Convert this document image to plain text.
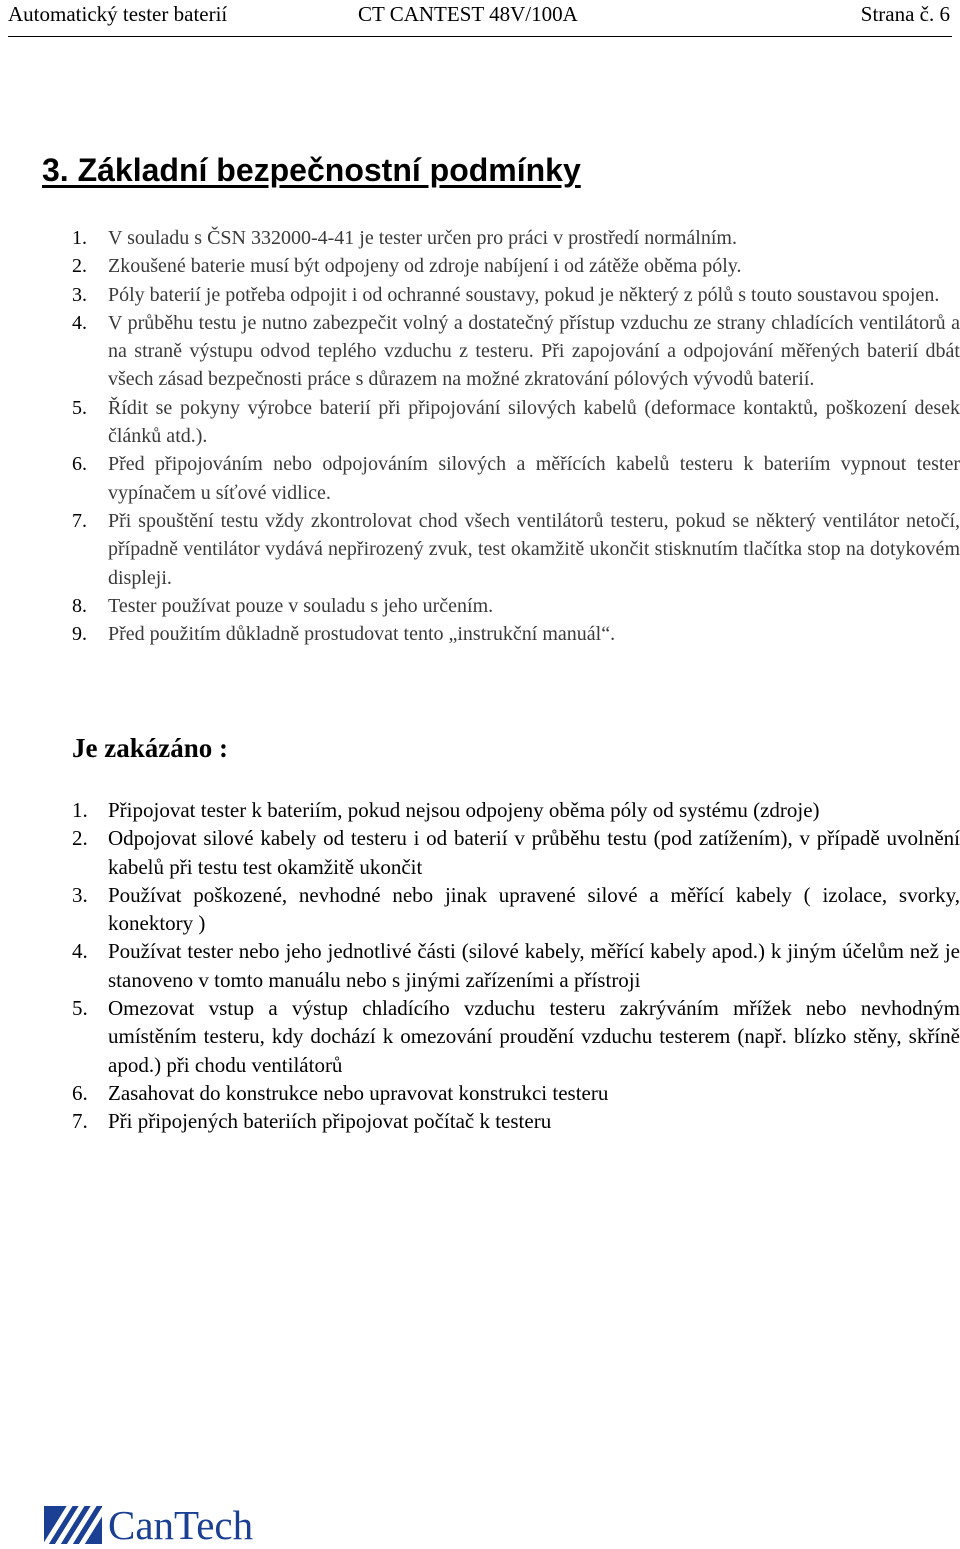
Automatický tester baterií	CT CANTEST 48V/100A	Strana č. 6
3. Základní bezpečnostní podmínky
1. V souladu s ČSN 332000-4-41 je tester určen pro práci v prostředí normálním.
2. Zkoušené baterie musí být odpojeny od zdroje nabíjení i od zátěže oběma póly.
3. Póly baterií je potřeba odpojit i od ochranné soustavy, pokud je některý z pólů s touto soustavou spojen.
4. V průběhu testu je nutno zabezpečit volný a dostatečný přístup vzduchu ze strany chladících ventilátorů a na straně výstupu odvod teplého vzduchu z testeru. Při zapojování a odpojování měřených baterií dbát všech zásad bezpečnosti práce s důrazem na možné zkratování pólových vývodů baterií.
5. Řídit se pokyny výrobce baterií při připojování silových kabelů (deformace kontaktů, poškození desek článků atd.).
6. Před připojováním nebo odpojováním silových a měřících kabelů testeru k bateriím vypnout tester vypínačem u síťové vidlice.
7. Při spouštění testu vždy zkontrolovat chod všech ventilátorů testeru, pokud se některý ventilátor netočí, případně ventilátor vydává nepřirozený zvuk, test okamžitě ukončit stisknutím tlačítka stop na dotykovém displeji.
8. Tester používat pouze v souladu s jeho určením.
9. Před použitím důkladně prostudovat tento „instrukční manuál“.
Je zakázáno :
1. Připojovat tester k bateriím, pokud nejsou odpojeny oběma póly od systému (zdroje)
2. Odpojovat silové kabely od testeru i od baterií v průběhu testu (pod zatížením), v případě uvolnění kabelů při testu test okamžitě ukončit
3. Používat poškozené, nevhodné nebo jinak upravené silové a měřící kabely ( izolace, svorky, konektory )
4. Používat tester nebo jeho jednotlivé části (silové kabely, měřící kabely apod.) k jiným účelům než je stanoveno v tomto manuálu nebo s jinými zařízeními a přístroji
5. Omezovat vstup a výstup chladícího vzduchu testeru zakrýváním mřížek nebo nevhodným umístěním testeru, kdy dochází k omezování proudění vzduchu testerem (např. blízko stěny, skříně apod.) při chodu ventilátorů
6. Zasahovat do konstrukce nebo upravovat konstrukci testeru
7. Při připojených bateriích připojovat počítač k testeru
CanTech
